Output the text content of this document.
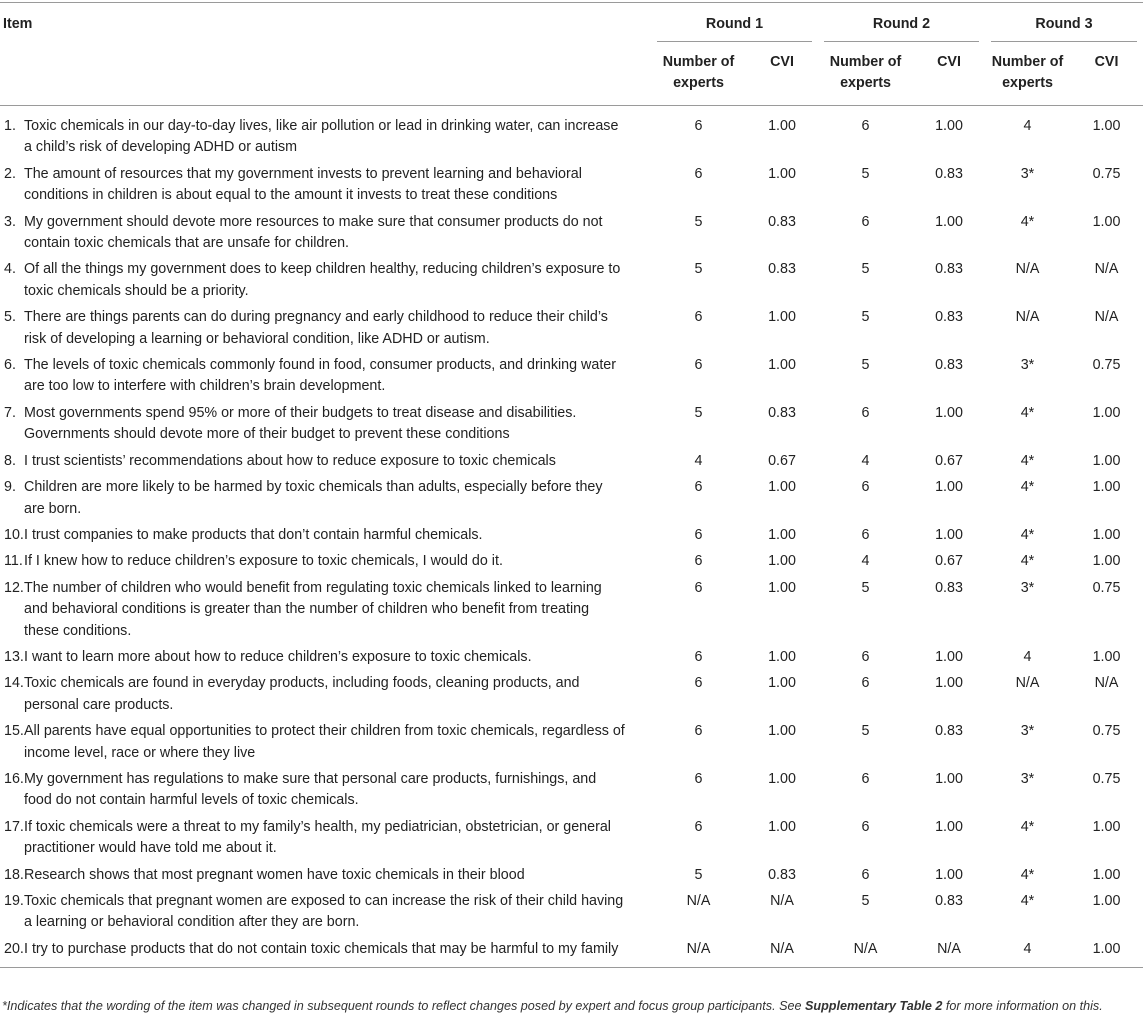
Item	Round 1		Round 2		Round 3	

	Number of experts	CVI	Number of experts	CVI	Number of experts	CVI

1. Toxic chemicals in our day-to-day lives, like air pollution or lead in drinking water, can increase a child’s risk of developing ADHD or autism	6	1.00	6	1.00	4	1.00

2. The amount of resources that my government invests to prevent learning and behavioral conditions in children is about equal to the amount it invests to treat these conditions	6	1.00	5	0.83	3*	0.75

3. My government should devote more resources to make sure that consumer products do not contain toxic chemicals that are unsafe for children.	5	0.83	6	1.00	4*	1.00

4. Of all the things my government does to keep children healthy, reducing children’s exposure to toxic chemicals should be a priority.	5	0.83	5	0.83	N/A	N/A

5. There are things parents can do during pregnancy and early childhood to reduce their child’s risk of developing a learning or behavioral condition, like ADHD or autism.	6	1.00	5	0.83	N/A	N/A

6. The levels of toxic chemicals commonly found in food, consumer products, and drinking water are too low to interfere with children’s brain development.	6	1.00	5	0.83	3*	0.75

7. Most governments spend 95% or more of their budgets to treat disease and disabilities. Governments should devote more of their budget to prevent these conditions	5	0.83	6	1.00	4*	1.00

8. I trust scientists’ recommendations about how to reduce exposure to toxic chemicals	4	0.67	4	0.67	4*	1.00

9. Children are more likely to be harmed by toxic chemicals than adults, especially before they are born.	6	1.00	6	1.00	4*	1.00

10. I trust companies to make products that don’t contain harmful chemicals.	6	1.00	6	1.00	4*	1.00

11. If I knew how to reduce children’s exposure to toxic chemicals, I would do it.	6	1.00	4	0.67	4*	1.00

12. The number of children who would benefit from regulating toxic chemicals linked to learning and behavioral conditions is greater than the number of children who benefit from treating these conditions.	6	1.00	5	0.83	3*	0.75

13. I want to learn more about how to reduce children’s exposure to toxic chemicals.	6	1.00	6	1.00	4	1.00

14. Toxic chemicals are found in everyday products, including foods, cleaning products, and personal care products.	6	1.00	6	1.00	N/A	N/A

15. All parents have equal opportunities to protect their children from toxic chemicals, regardless of income level, race or where they live	6	1.00	5	0.83	3*	0.75

16. My government has regulations to make sure that personal care products, furnishings, and food do not contain harmful levels of toxic chemicals.	6	1.00	6	1.00	3*	0.75

17. If toxic chemicals were a threat to my family’s health, my pediatrician, obstetrician, or general practitioner would have told me about it.	6	1.00	6	1.00	4*	1.00

18. Research shows that most pregnant women have toxic chemicals in their blood	5	0.83	6	1.00	4*	1.00

19. Toxic chemicals that pregnant women are exposed to can increase the risk of their child having a learning or behavioral condition after they are born.	N/A	N/A	5	0.83	4*	1.00

20. I try to purchase products that do not contain toxic chemicals that may be harmful to my family	N/A	N/A	N/A	N/A	4	1.00
*Indicates that the wording of the item was changed in subsequent rounds to reflect changes posed by expert and focus group participants. See Supplementary Table 2 for more information on this.
